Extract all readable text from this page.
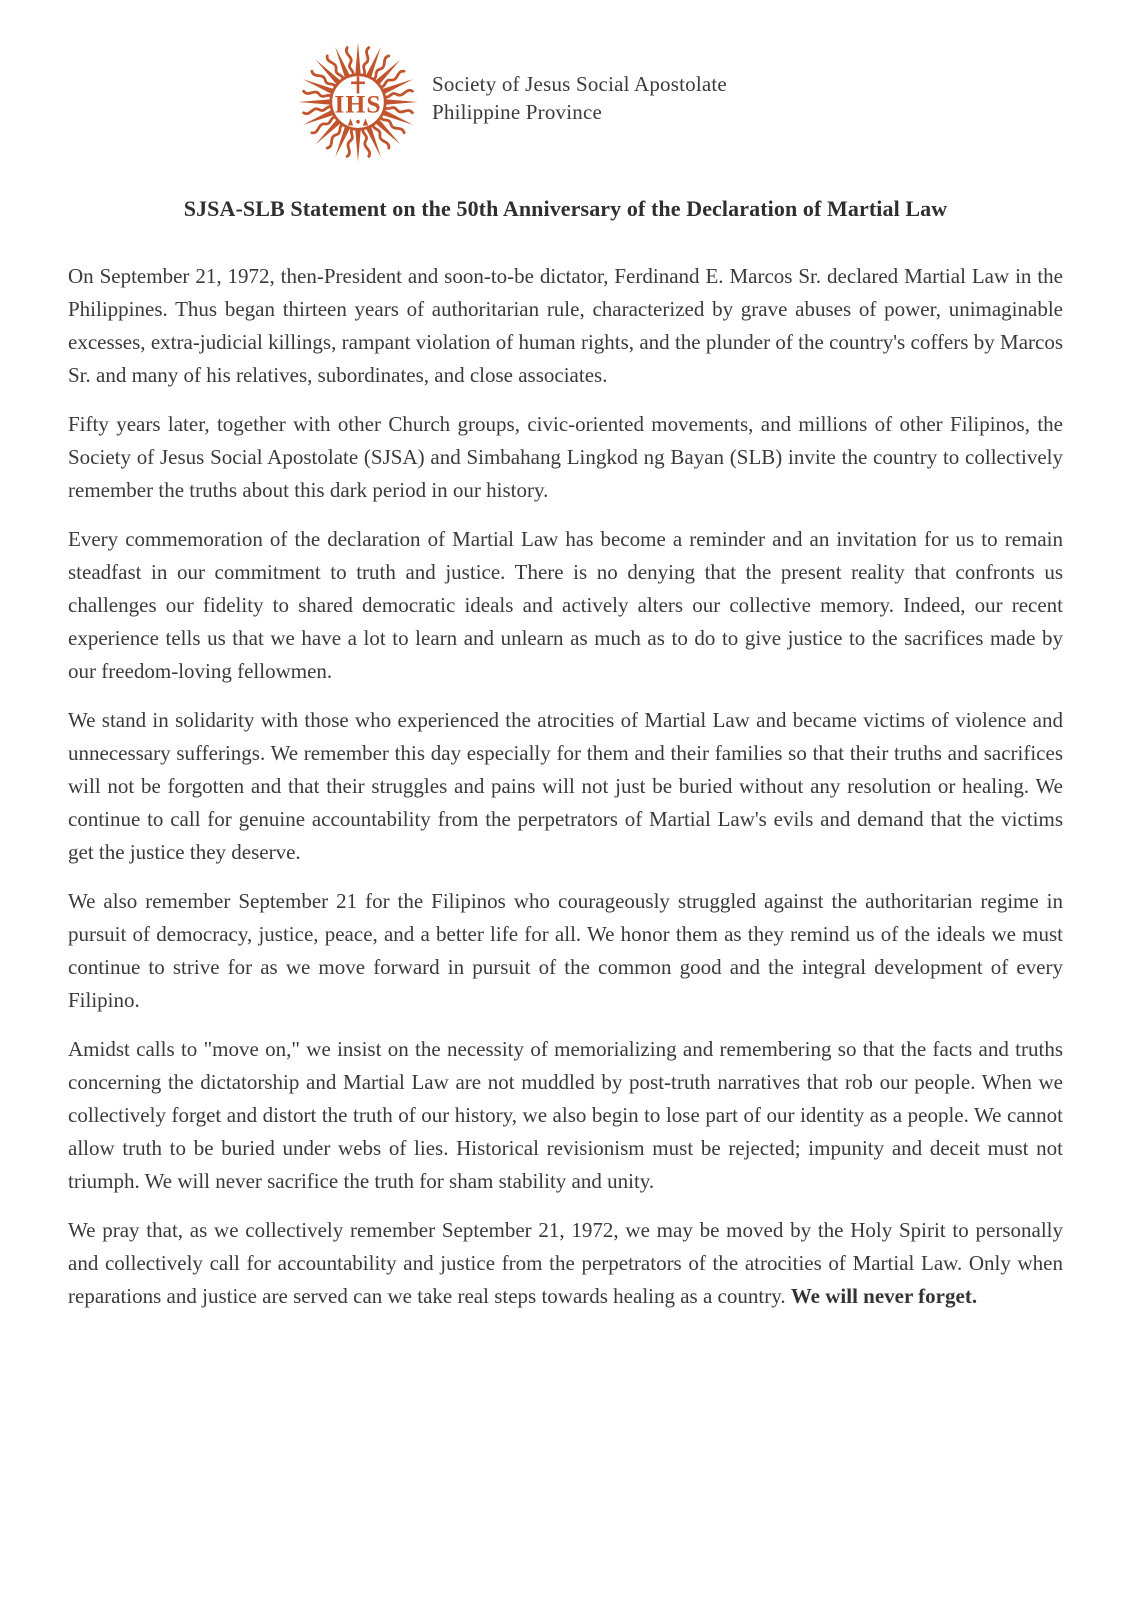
IHS
Society of Jesus Social Apostolate
Philippine Province
SJSA-SLB Statement on the 50th Anniversary of the Declaration of Martial Law

On September 21, 1972, then-President and soon-to-be dictator, Ferdinand E. Marcos Sr. declared Martial Law in the Philippines. Thus began thirteen years of authoritarian rule, characterized by grave abuses of power, unimaginable excesses, extra-judicial killings, rampant violation of human rights, and the plunder of the country's coffers by Marcos Sr. and many of his relatives, subordinates, and close associates.

Fifty years later, together with other Church groups, civic-oriented movements, and millions of other Filipinos, the Society of Jesus Social Apostolate (SJSA) and Simbahang Lingkod ng Bayan (SLB) invite the country to collectively remember the truths about this dark period in our history.

Every commemoration of the declaration of Martial Law has become a reminder and an invitation for us to remain steadfast in our commitment to truth and justice. There is no denying that the present reality that confronts us challenges our fidelity to shared democratic ideals and actively alters our collective memory. Indeed, our recent experience tells us that we have a lot to learn and unlearn as much as to do to give justice to the sacrifices made by our freedom-loving fellowmen.

We stand in solidarity with those who experienced the atrocities of Martial Law and became victims of violence and unnecessary sufferings. We remember this day especially for them and their families so that their truths and sacrifices will not be forgotten and that their struggles and pains will not just be buried without any resolution or healing. We continue to call for genuine accountability from the perpetrators of Martial Law's evils and demand that the victims get the justice they deserve.

We also remember September 21 for the Filipinos who courageously struggled against the authoritarian regime in pursuit of democracy, justice, peace, and a better life for all. We honor them as they remind us of the ideals we must continue to strive for as we move forward in pursuit of the common good and the integral development of every Filipino.

Amidst calls to "move on," we insist on the necessity of memorializing and remembering so that the facts and truths concerning the dictatorship and Martial Law are not muddled by post-truth narratives that rob our people. When we collectively forget and distort the truth of our history, we also begin to lose part of our identity as a people. We cannot allow truth to be buried under webs of lies. Historical revisionism must be rejected; impunity and deceit must not triumph. We will never sacrifice the truth for sham stability and unity.

We pray that, as we collectively remember September 21, 1972, we may be moved by the Holy Spirit to personally and collectively call for accountability and justice from the perpetrators of the atrocities of Martial Law. Only when reparations and justice are served can we take real steps towards healing as a country. We will never forget.
